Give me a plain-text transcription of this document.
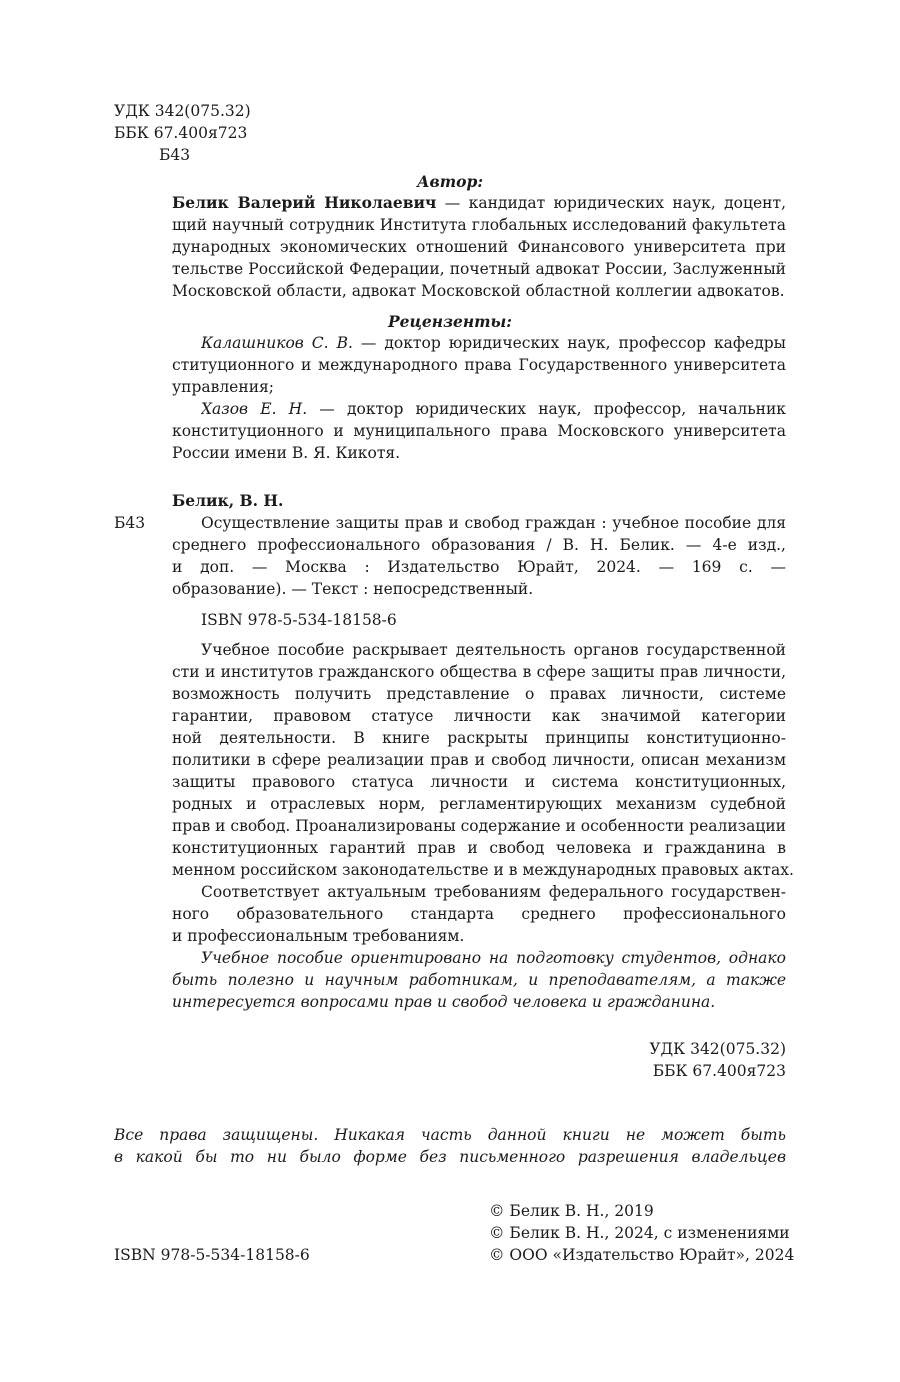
УДК 342(075.32)
ББК 67.400я723
Б43
Автор:
Белик Валерий Николаевич — кандидат юридических наук, доцент,
щий научный сотрудник Института глобальных исследований факультета
дународных экономических отношений Финансового университета при
тельстве Российской Федерации, почетный адвокат России, Заслуженный
Московской области, адвокат Московской областной коллегии адвокатов.
Рецензенты:
Калашников С. В. — доктор юридических наук, профессор кафедры
ституционного и международного права Государственного университета
управления;
Хазов Е. Н. — доктор юридических наук, профессор, начальник
конституционного и муниципального права Московского университета
России имени В. Я. Кикотя.
Белик, В. Н.
Б43	Осуществление защиты прав и свобод граждан : учебное пособие для
среднего профессионального образования / В. Н. Белик. — 4-е изд.,
и доп. — Москва : Издательство Юрайт, 2024. — 169 с. —
образование). — Текст : непосредственный.
ISBN 978-5-534-18158-6
Учебное пособие раскрывает деятельность органов государственной
сти и институтов гражданского общества в сфере защиты прав личности,
возможность получить представление о правах личности, системе
гарантии, правовом статусе личности как значимой категории
ной деятельности. В книге раскрыты принципы конституционно-
политики в сфере реализации прав и свобод личности, описан механизм
защиты правового статуса личности и система конституционных,
родных и отраслевых норм, регламентирующих механизм судебной
прав и свобод. Проанализированы содержание и особенности реализации
конституционных гарантий прав и свобод человека и гражданина в
менном российском законодательстве и в международных правовых актах.
Соответствует актуальным требованиям федерального государствен-
ного образовательного стандарта среднего профессионального
и профессиональным требованиям.
Учебное пособие ориентировано на подготовку студентов, однако
быть полезно и научным работникам, и преподавателям, а также
интересуется вопросами прав и свобод человека и гражданина.
УДК 342(075.32)
ББК 67.400я723
Все права защищены. Никакая часть данной книги не может быть
в какой бы то ни было форме без письменного разрешения владельцев
© Белик В. Н., 2019
© Белик В. Н., 2024, с изменениями
ISBN 978-5-534-18158-6	© ООО «Издательство Юрайт», 2024
